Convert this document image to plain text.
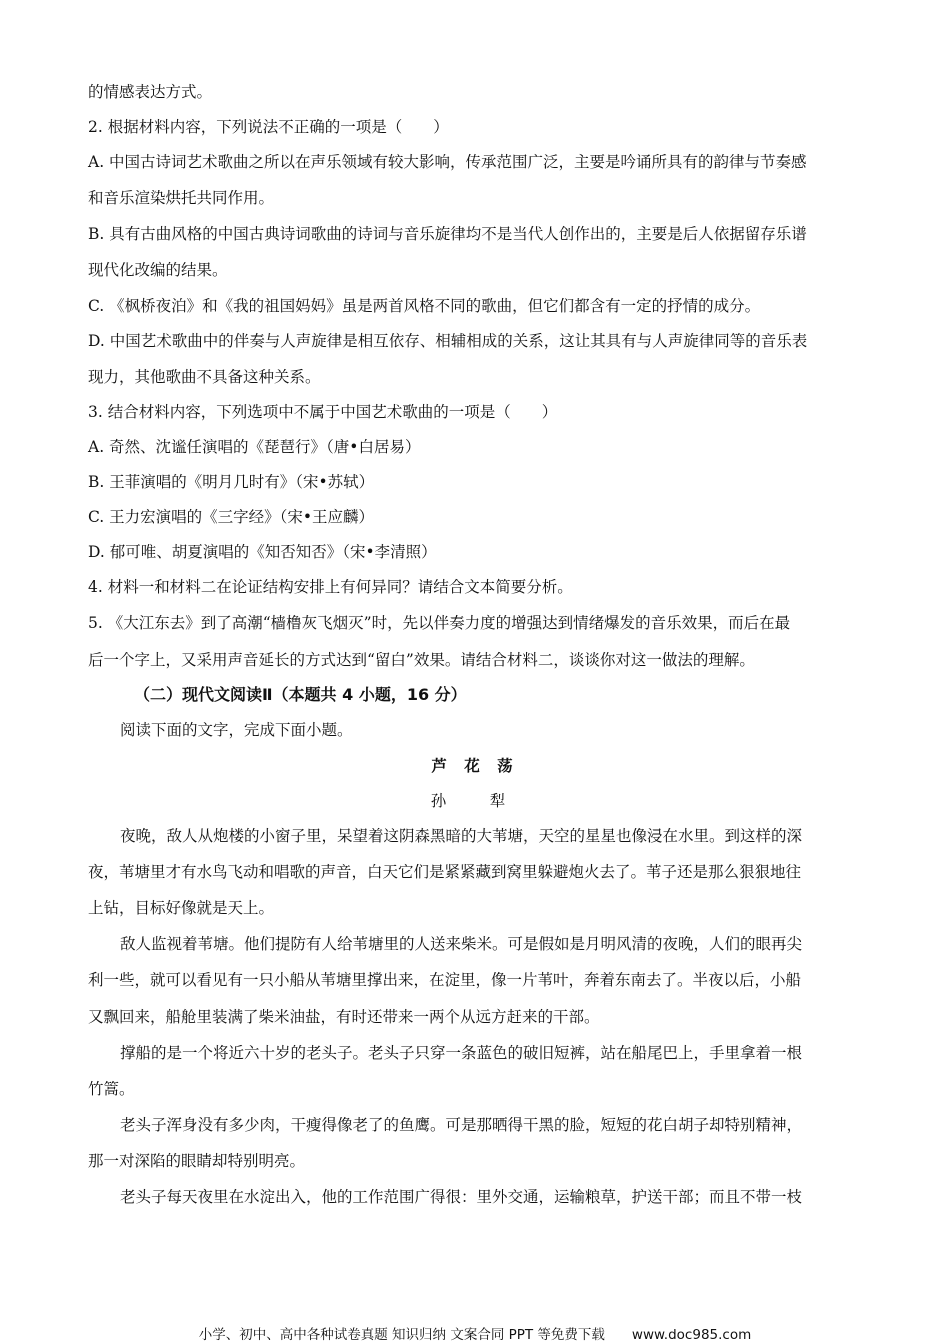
的情感表达方式。
2. 根据材料内容，下列说法不正确的一项是（　　）
A. 中国古诗词艺术歌曲之所以在声乐领域有较大影响，传承范围广泛，主要是吟诵所具有的韵律与节奏感
和音乐渲染烘托共同作用。
B. 具有古曲风格的中国古典诗词歌曲的诗词与音乐旋律均不是当代人创作出的，主要是后人依据留存乐谱
现代化改编的结果。
C. 《枫桥夜泊》和《我的祖国妈妈》虽是两首风格不同的歌曲，但它们都含有一定的抒情的成分。
D. 中国艺术歌曲中的伴奏与人声旋律是相互依存、相辅相成的关系，这让其具有与人声旋律同等的音乐表
现力，其他歌曲不具备这种关系。
3. 结合材料内容，下列选项中不属于中国艺术歌曲的一项是（　　）
A. 奇然、沈谧任演唱的《琵琶行》（唐•白居易）
B. 王菲演唱的《明月几时有》（宋•苏轼）
C. 王力宏演唱的《三字经》（宋•王应麟）
D. 郁可唯、胡夏演唱的《知否知否》（宋•李清照）
4. 材料一和材料二在论证结构安排上有何异同？请结合文本简要分析。
5. 《大江东去》到了高潮“樯橹灰飞烟灭”时，先以伴奏力度的增强达到情绪爆发的音乐效果，而后在最
后一个字上，又采用声音延长的方式达到“留白”效果。请结合材料二，谈谈你对这一做法的理解。
（二）现代文阅读Ⅱ（本题共 4 小题，16 分）
阅读下面的文字，完成下面小题。
芦 花 荡
孙　犁
夜晚，敌人从炮楼的小窗子里，呆望着这阴森黑暗的大苇塘，天空的星星也像浸在水里。到这样的深
夜，苇塘里才有水鸟飞动和唱歌的声音，白天它们是紧紧藏到窝里躲避炮火去了。苇子还是那么狠狠地往
上钻，目标好像就是天上。
敌人监视着苇塘。他们提防有人给苇塘里的人送来柴米。可是假如是月明风清的夜晚，人们的眼再尖
利一些，就可以看见有一只小船从苇塘里撑出来，在淀里，像一片苇叶，奔着东南去了。半夜以后，小船
又飘回来，船舱里装满了柴米油盐，有时还带来一两个从远方赶来的干部。
撑船的是一个将近六十岁的老头子。老头子只穿一条蓝色的破旧短裤，站在船尾巴上，手里拿着一根
竹篙。
老头子浑身没有多少肉，干瘦得像老了的鱼鹰。可是那晒得干黑的脸，短短的花白胡子却特别精神，
那一对深陷的眼睛却特别明亮。
老头子每天夜里在水淀出入，他的工作范围广得很：里外交通，运输粮草，护送干部；而且不带一枝
小学、初中、高中各种试卷真题 知识归纳 文案合同 PPT 等免费下载　　www.doc985.com
